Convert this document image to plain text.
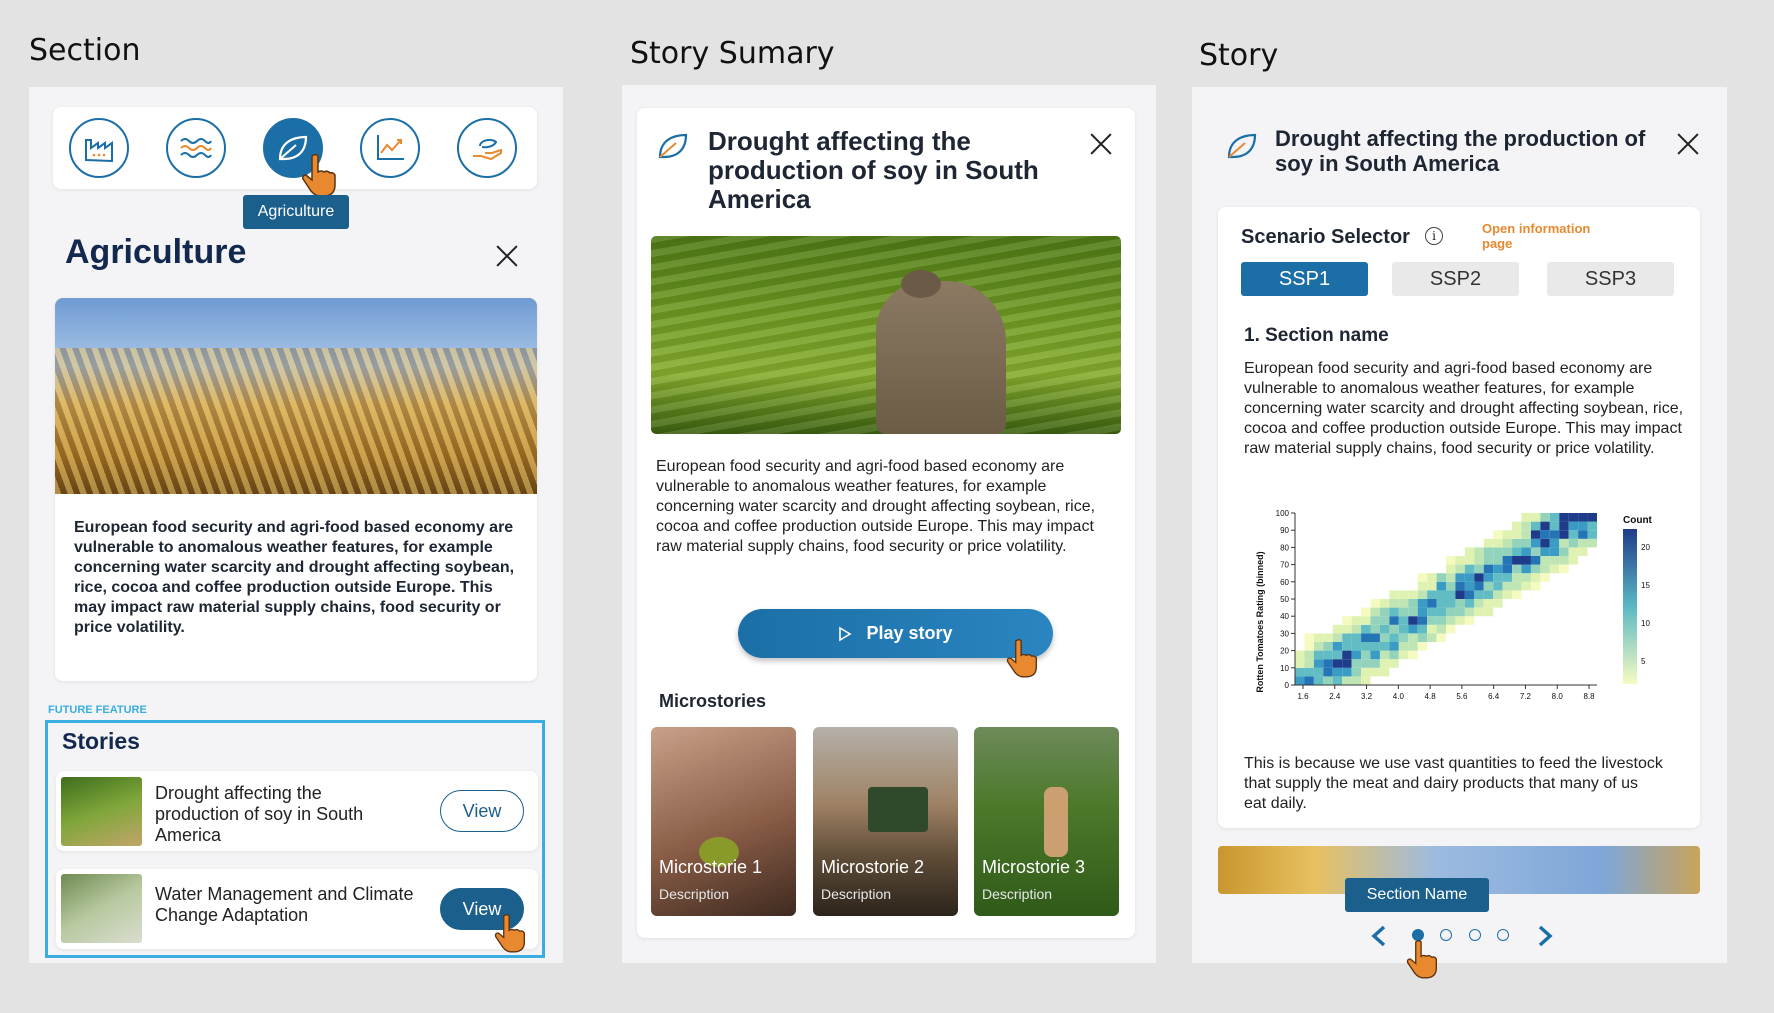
Section	Story Sumary	Story
Agriculture
Agriculture
European food security and agri-food based economy are vulnerable to anomalous weather features, for example concerning water scarcity and drought affecting soybean, rice, cocoa and coffee production outside Europe. This may impact raw material supply chains, food security or price volatility.
FUTURE FEATURE
Stories
Drought affecting the production of soy in South America
View
Water Management and Climate Change Adaptation	View
Drought affecting the production of soy in South America
European food security and agri-food based economy are vulnerable to anomalous weather features, for example concerning water scarcity and drought affecting soybean, rice, cocoa and coffee production outside Europe. This may impact raw material supply chains, food security or price volatility.
Play story
Microstories
Microstorie 1
Description
Microstorie 2
Description
Microstorie 3
Description
Drought affecting the production of soy in South America
Scenario Selector	i	Open information page
SSP1	SSP2	SSP3
1. Section name
European food security and agri-food based economy are vulnerable to anomalous weather features, for example concerning water scarcity and drought affecting soybean, rice, cocoa and coffee production outside Europe. This may impact raw material supply chains, food security or price volatility.
Rotten Tomatoes Rating (binned)
Count
0
10
20
30
40
50
60
70
80
90
100
1.6	2.4	3.2	4.0	4.8	5.6	6.4	7.2	8.0	8.8
20
15
10
5
This is because we use vast quantities to feed the livestock that supply the meat and dairy products that many of us eat daily.
Section Name
